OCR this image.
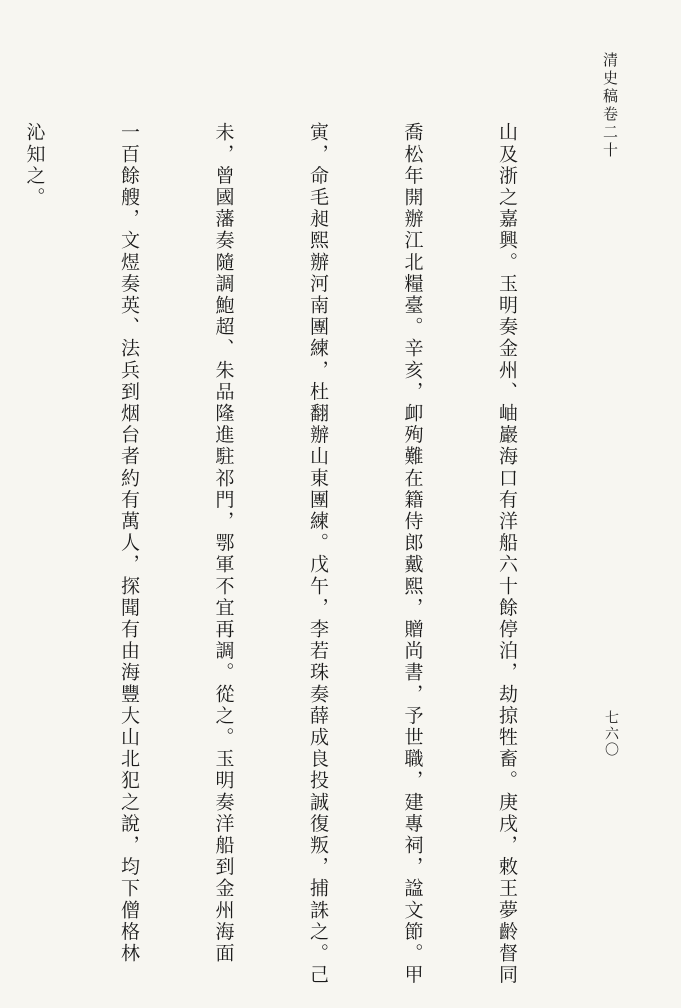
清史稿卷二十
七六〇

山及浙之嘉興。玉明奏金州、岫巖海口有洋船六十餘停泊，劫掠牲畜。庚戌，敕王夢齡督同

喬松年開辦江北糧臺。辛亥，卹殉難在籍侍郎戴熙，贈尚書，予世職，建專祠，諡文節。甲

寅，命毛昶熙辦河南團練，杜翻辦山東團練。戊午，李若珠奏薛成良投誠復叛，捕誅之。己

未，曾國藩奏隨調鮑超、朱品隆進駐祁門，鄂軍不宜再調。從之。玉明奏洋船到金州海面

一百餘艘，文煜奏英、法兵到烟台者約有萬人，探聞有由海豐大山北犯之說，均下僧格林

沁知之。
